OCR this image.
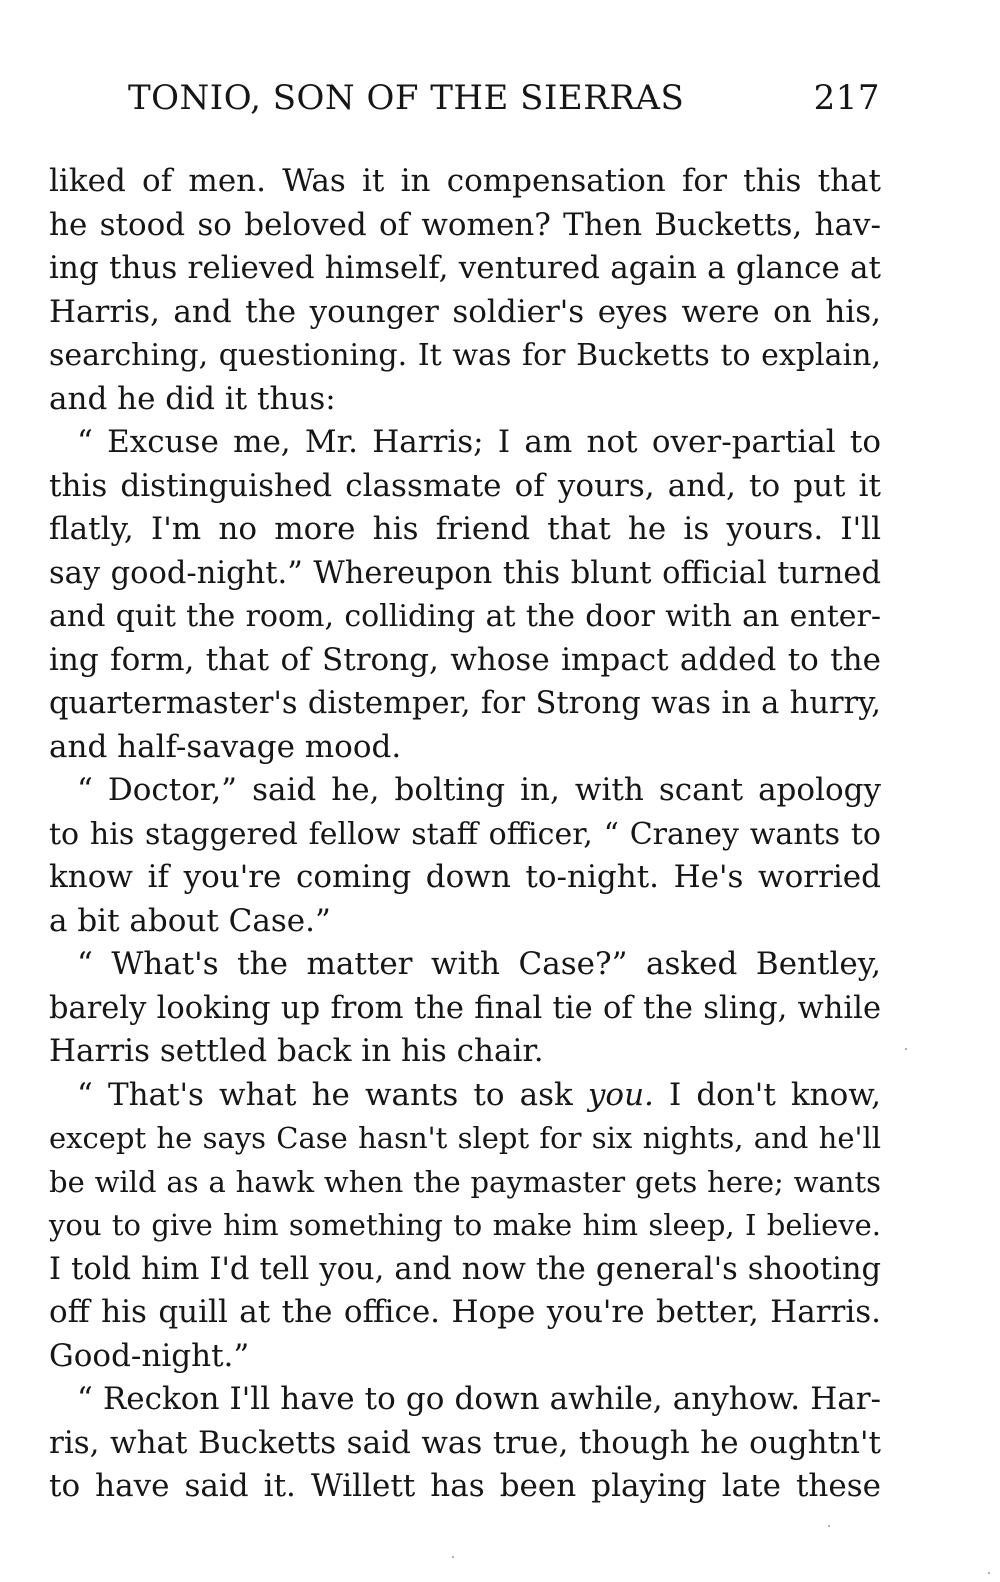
TONIO, SON OF THE SIERRAS	217
liked of men. Was it in compensation for this that
he stood so beloved of women? Then Bucketts, hav-
ing thus relieved himself, ventured again a glance at
Harris, and the younger soldier's eyes were on his,
searching, questioning. It was for Bucketts to explain,
and he did it thus:
“ Excuse me, Mr. Harris; I am not over-partial to
this distinguished classmate of yours, and, to put it
flatly, I'm no more his friend that he is yours. I'll
say good-night.” Whereupon this blunt official turned
and quit the room, colliding at the door with an enter-
ing form, that of Strong, whose impact added to the
quartermaster's distemper, for Strong was in a hurry,
and half-savage mood.
“ Doctor,” said he, bolting in, with scant apology
to his staggered fellow staff officer, “ Craney wants to
know if you're coming down to-night. He's worried
a bit about Case.”
“ What's the matter with Case?” asked Bentley,
barely looking up from the final tie of the sling, while
Harris settled back in his chair.
“ That's what he wants to ask you. I don't know,
except he says Case hasn't slept for six nights, and he'll
be wild as a hawk when the paymaster gets here; wants
you to give him something to make him sleep, I believe.
I told him I'd tell you, and now the general's shooting
off his quill at the office. Hope you're better, Harris.
Good-night.”
“ Reckon I'll have to go down awhile, anyhow. Har-
ris, what Bucketts said was true, though he oughtn't
to have said it. Willett has been playing late these
